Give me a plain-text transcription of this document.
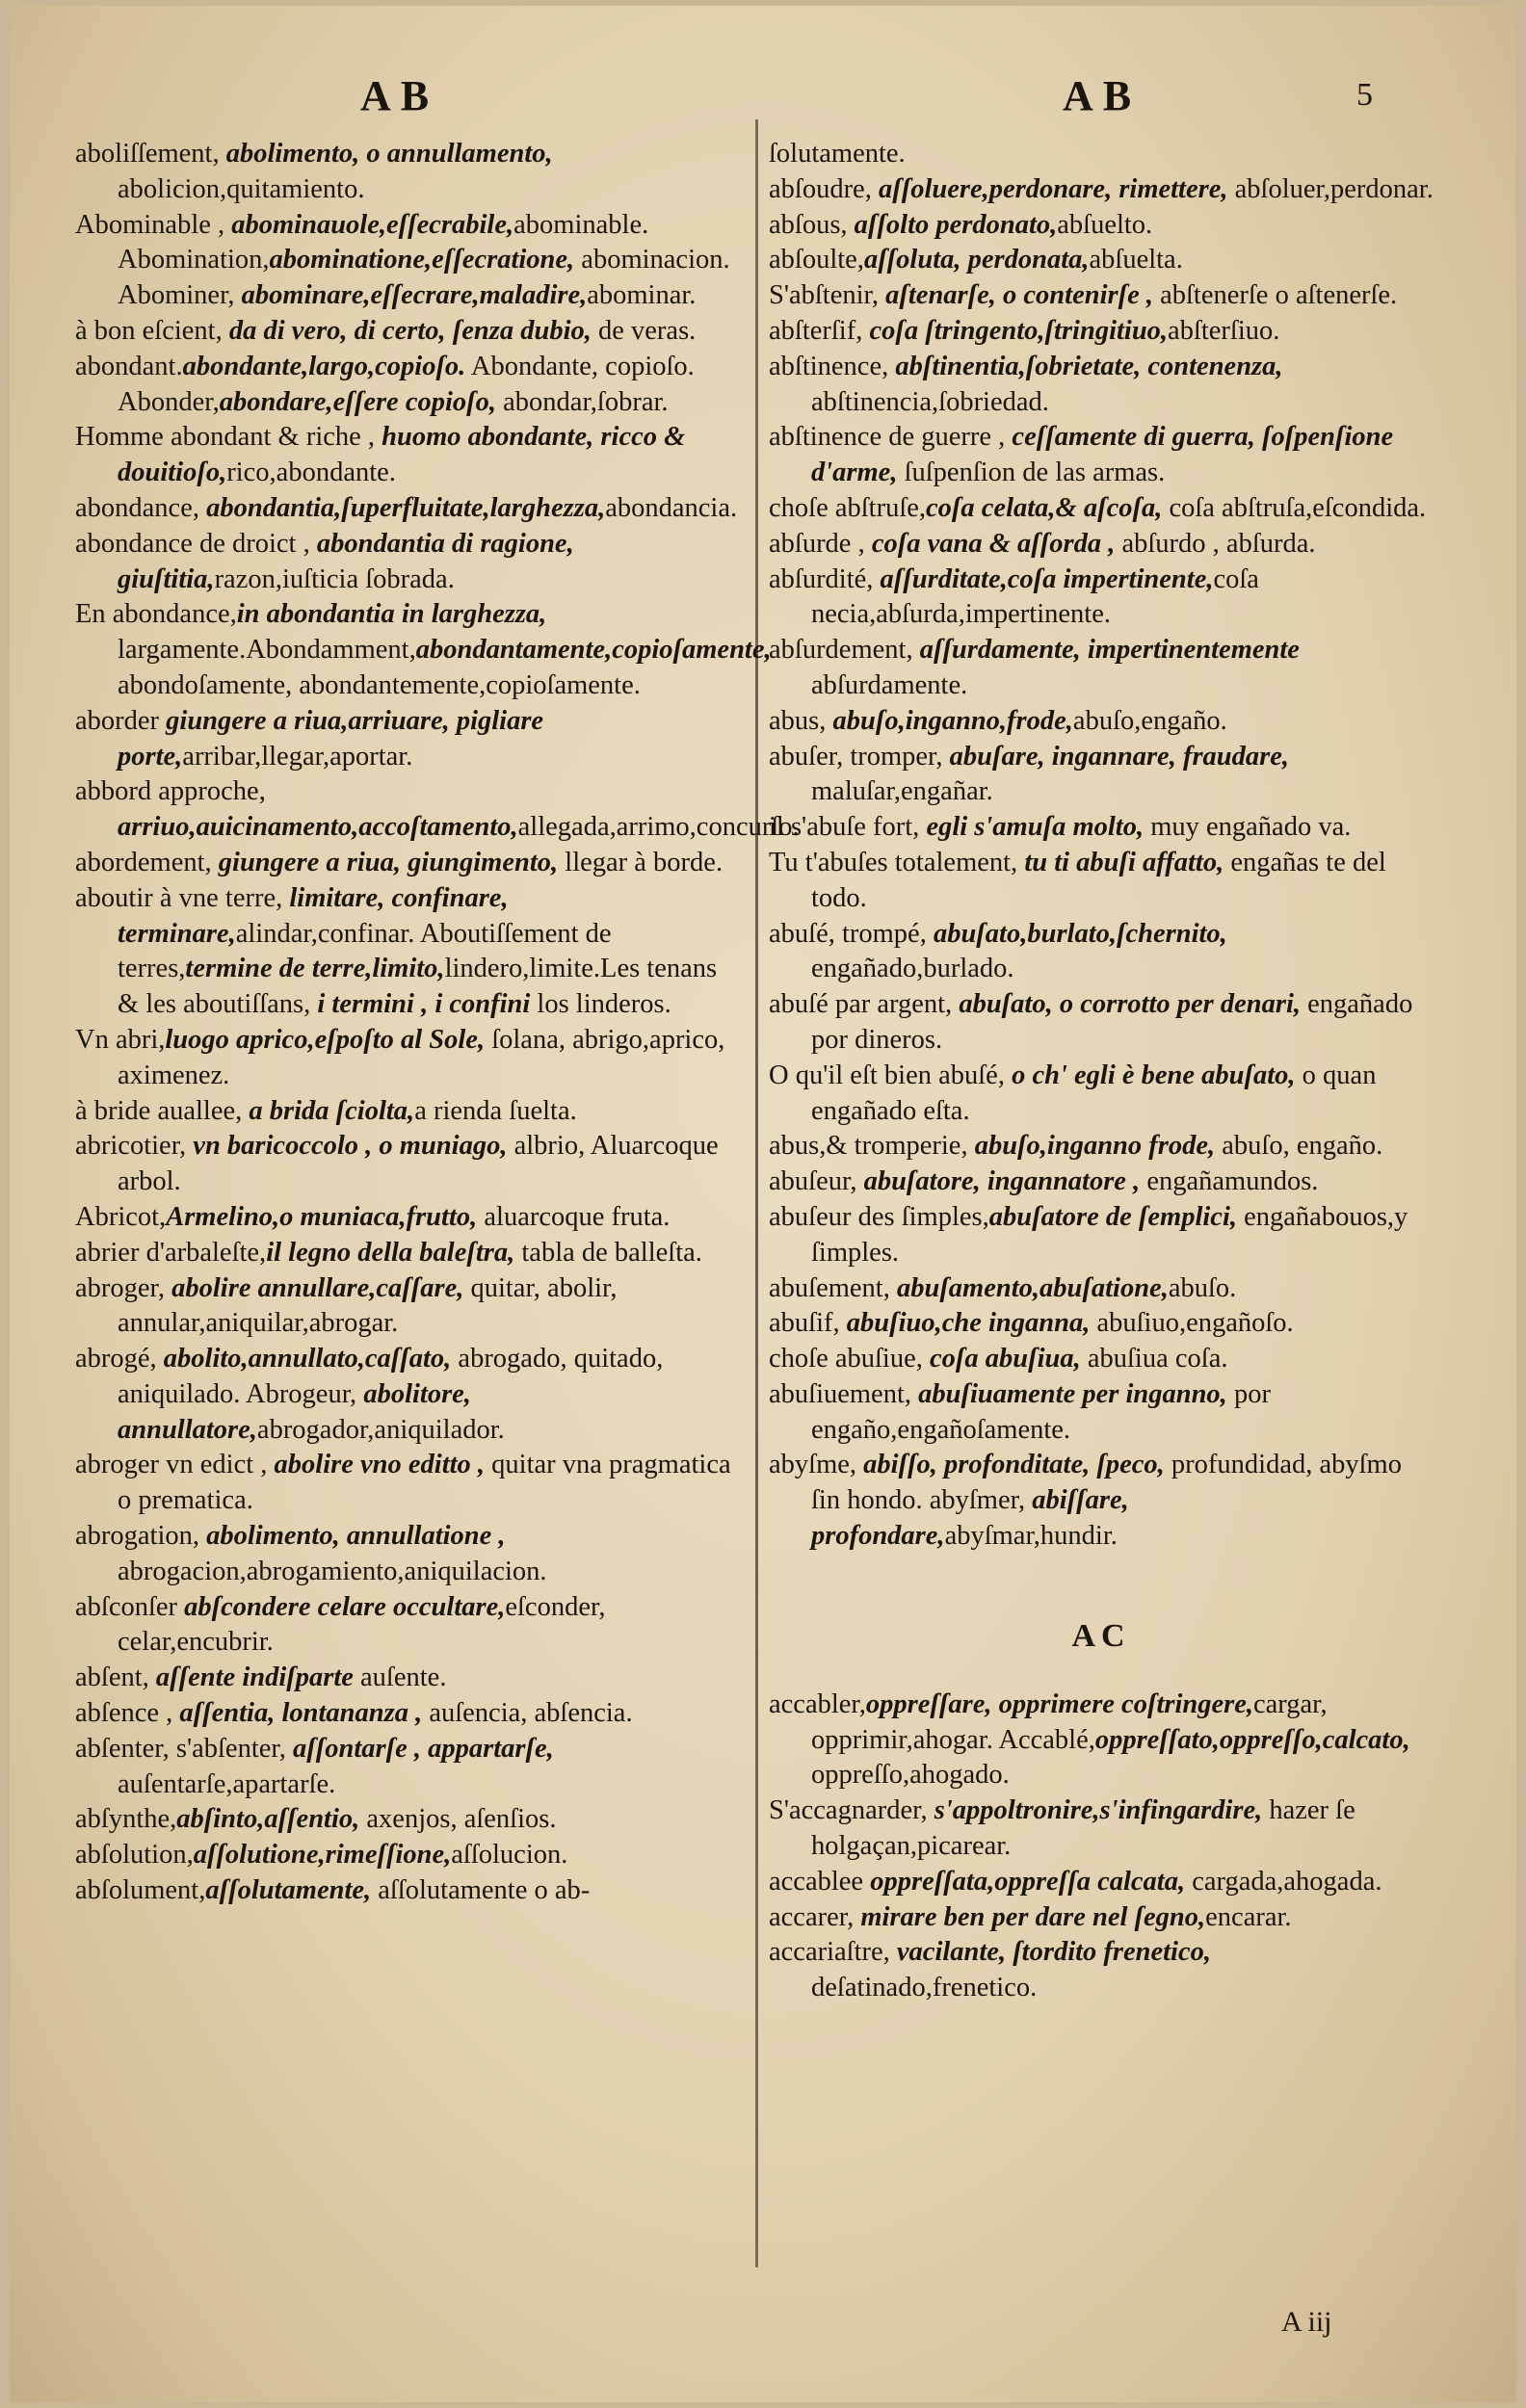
AB	AB	5

aboliſſement, abolimento, o annullamento, abolicion,quitamiento.

Abominable , abominauole,eſſecrabile,abominable. Abomination,abominatione,eſſecratione, abominacion. Abominer, abominare,eſſecrare,maladire,abominar.

à bon eſcient, da di vero, di certo, ſenza dubio, de veras.

abondant.abondante,largo,copioſo. Abondante, copioſo. Abonder,abondare,eſſere copioſo, abondar,ſobrar.

Homme abondant & riche , huomo abondante, ricco & douitioſo,rico,abondante.

abondance, abondantia,ſuperfluitate,larghezza,abondancia.

abondance de droict , abondantia di ragione, giuſtitia,razon,iuſticia ſobrada.

En abondance,in abondantia in larghezza, largamente.Abondamment,abondantamente,copioſamente, abondoſamente, abondantemente,copioſamente.

aborder giungere a riua,arriuare, pigliare porte,arribar,llegar,aportar.

abbord approche, arriuo,auicinamento,accoſtamento,allegada,arrimo,concurſo.

abordement, giungere a riua, giungimento, llegar à borde.

aboutir à vne terre, limitare, confinare, terminare,alindar,confinar. Aboutiſſement de terres,termine de terre,limito,lindero,limite.Les tenans & les aboutiſſans, i termini , i confini los linderos.

Vn abri,luogo aprico,eſpoſto al Sole, ſolana, abrigo,aprico, aximenez.

à bride auallee, a brida ſciolta,a rienda ſuelta.

abricotier, vn baricoccolo , o muniago, albrio, Aluarcoque arbol.

Abricot,Armelino,o muniaca,frutto, aluarcoque fruta.

abrier d'arbaleſte,il legno della baleſtra, tabla de balleſta.

abroger, abolire annullare,caſſare, quitar, abolir, annular,aniquilar,abrogar.

abrogé, abolito,annullato,caſſato, abrogado, quitado, aniquilado. Abrogeur, abolitore, annullatore,abrogador,aniquilador.

abroger vn edict , abolire vno editto , quitar vna pragmatica o prematica.

abrogation, abolimento, annullatione , abrogacion,abrogamiento,aniquilacion.

abſconſer abſcondere celare occultare,eſconder, celar,encubrir.

abſent, aſſente indiſparte auſente.

abſence , aſſentia, lontananza , auſencia, abſencia.

abſenter, s'abſenter, aſſontarſe , appartarſe, auſentarſe,apartarſe.

abſynthe,abſinto,aſſentio, axenjos, aſenſios.

abſolution,aſſolutione,rimeſſione,aſſolucion.

abſolument,aſſolutamente, aſſolutamente o ab-

ſolutamente.

abſoudre, aſſoluere,perdonare, rimettere, abſoluer,perdonar.

abſous, aſſolto perdonato,abſuelto.

abſoulte,aſſoluta, perdonata,abſuelta.

S'abſtenir, aſtenarſe, o contenirſe , abſtenerſe o aſtenerſe.

abſterſif, coſa ſtringento,ſtringitiuo,abſterſiuo.

abſtinence, abſtinentia,ſobrietate, contenenza, abſtinencia,ſobriedad.

abſtinence de guerre , ceſſamente di guerra, ſoſpenſione d'arme, ſuſpenſion de las armas.

choſe abſtruſe,coſa celata,& aſcoſa, coſa abſtruſa,eſcondida.

abſurde , coſa vana & aſſorda , abſurdo , abſurda.

abſurdité, aſſurditate,coſa impertinente,coſa necia,abſurda,impertinente.

abſurdement, aſſurdamente, impertinentemente abſurdamente.

abus, abuſo,inganno,frode,abuſo,engaño.

abuſer, tromper, abuſare, ingannare, fraudare, maluſar,engañar.

il s'abuſe fort, egli s'amuſa molto, muy engañado va.

Tu t'abuſes totalement, tu ti abuſi affatto, engañas te del todo.

abuſé, trompé, abuſato,burlato,ſchernito, engañado,burlado.

abuſé par argent, abuſato, o corrotto per denari, engañado por dineros.

O qu'il eſt bien abuſé, o ch' egli è bene abuſato, o quan engañado eſta.

abus,& tromperie, abuſo,inganno frode, abuſo, engaño.

abuſeur, abuſatore, ingannatore , engañamundos.

abuſeur des ſimples,abuſatore de ſemplici, engañabouos,y ſimples.

abuſement, abuſamento,abuſatione,abuſo.

abuſif, abuſiuo,che inganna, abuſiuo,engañoſo.

choſe abuſiue, coſa abuſiua, abuſiua coſa.

abuſiuement, abuſiuamente per inganno, por engaño,engañoſamente.

abyſme, abiſſo, profonditate, ſpeco, profundidad, abyſmo ſin hondo. abyſmer, abiſſare, profondare,abyſmar,hundir.

AC

accabler,oppreſſare, opprimere coſtringere,cargar, opprimir,ahogar. Accablé,oppreſſato,oppreſſo,calcato, oppreſſo,ahogado.

S'accagnarder, s'appoltronire,s'infingardire, hazer ſe holgaçan,picarear.

accablee oppreſſata,oppreſſa calcata, cargada,ahogada.

accarer, mirare ben per dare nel ſegno,encarar.

accariaſtre, vacilante, ſtordito frenetico, deſatinado,frenetico.

A iij
